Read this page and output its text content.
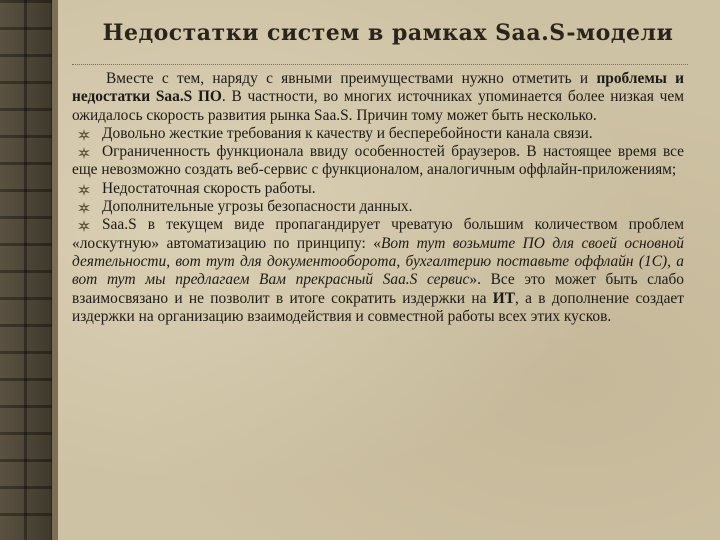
Недостатки систем в рамках Saa.S-модели

Вместе с тем, наряду с явными преимуществами нужно отметить и проблемы и недостатки Saa.S ПО. В частности, во многих источниках упоминается более низкая чем ожидалось скорость развития рынка Saa.S. Причин тому может быть несколько.

Довольно жесткие требования к качеству и бесперебойности канала связи.

Ограниченность функционала ввиду особенностей браузеров. В настоящее время все еще невозможно создать веб-сервис с функционалом, аналогичным оффлайн-приложениям;

Недостаточная скорость работы.

Дополнительные угрозы безопасности данных.

Saa.S в текущем виде пропагандирует чреватую большим количеством проблем «лоскутную» автоматизацию по принципу: «Вот тут возьмите ПО для своей основной деятельности, вот тут для документооборота, бухгалтерию поставьте оффлайн (1С), а вот тут мы предлагаем Вам прекрасный Saa.S сервис». Все это может быть слабо взаимосвязано и не позволит в итоге сократить издержки на ИТ, а в дополнение создает издержки на организацию взаимодействия и совместной работы всех этих кусков.
